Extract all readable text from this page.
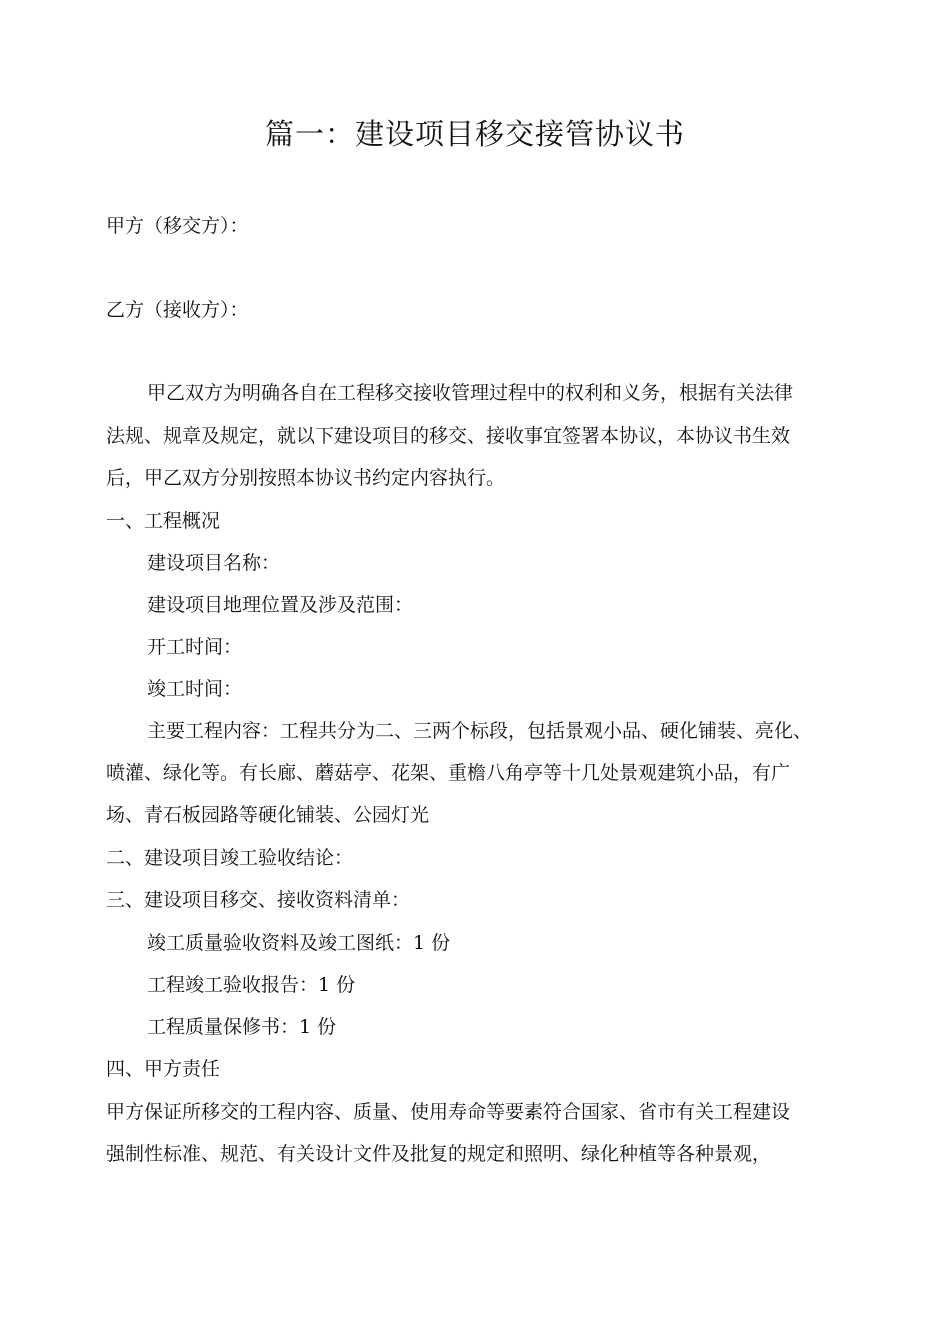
篇一：建设项目移交接管协议书
甲方（移交方）：
乙方（接收方）：
甲乙双方为明确各自在工程移交接收管理过程中的权利和义务，根据有关法律
法规、规章及规定，就以下建设项目的移交、接收事宜签署本协议，本协议书生效
后，甲乙双方分别按照本协议书约定内容执行。
一、工程概况
建设项目名称：
建设项目地理位置及涉及范围：
开工时间：
竣工时间：
主要工程内容：工程共分为二、三两个标段，包括景观小品、硬化铺装、亮化、
喷灌、绿化等。有长廊、蘑菇亭、花架、重檐八角亭等十几处景观建筑小品，有广
场、青石板园路等硬化铺装、公园灯光
二、建设项目竣工验收结论：
三、建设项目移交、接收资料清单：
竣工质量验收资料及竣工图纸：1 份
工程竣工验收报告：1 份
工程质量保修书：1 份
四、甲方责任
甲方保证所移交的工程内容、质量、使用寿命等要素符合国家、省市有关工程建设
强制性标准、规范、有关设计文件及批复的规定和照明、绿化种植等各种景观，
